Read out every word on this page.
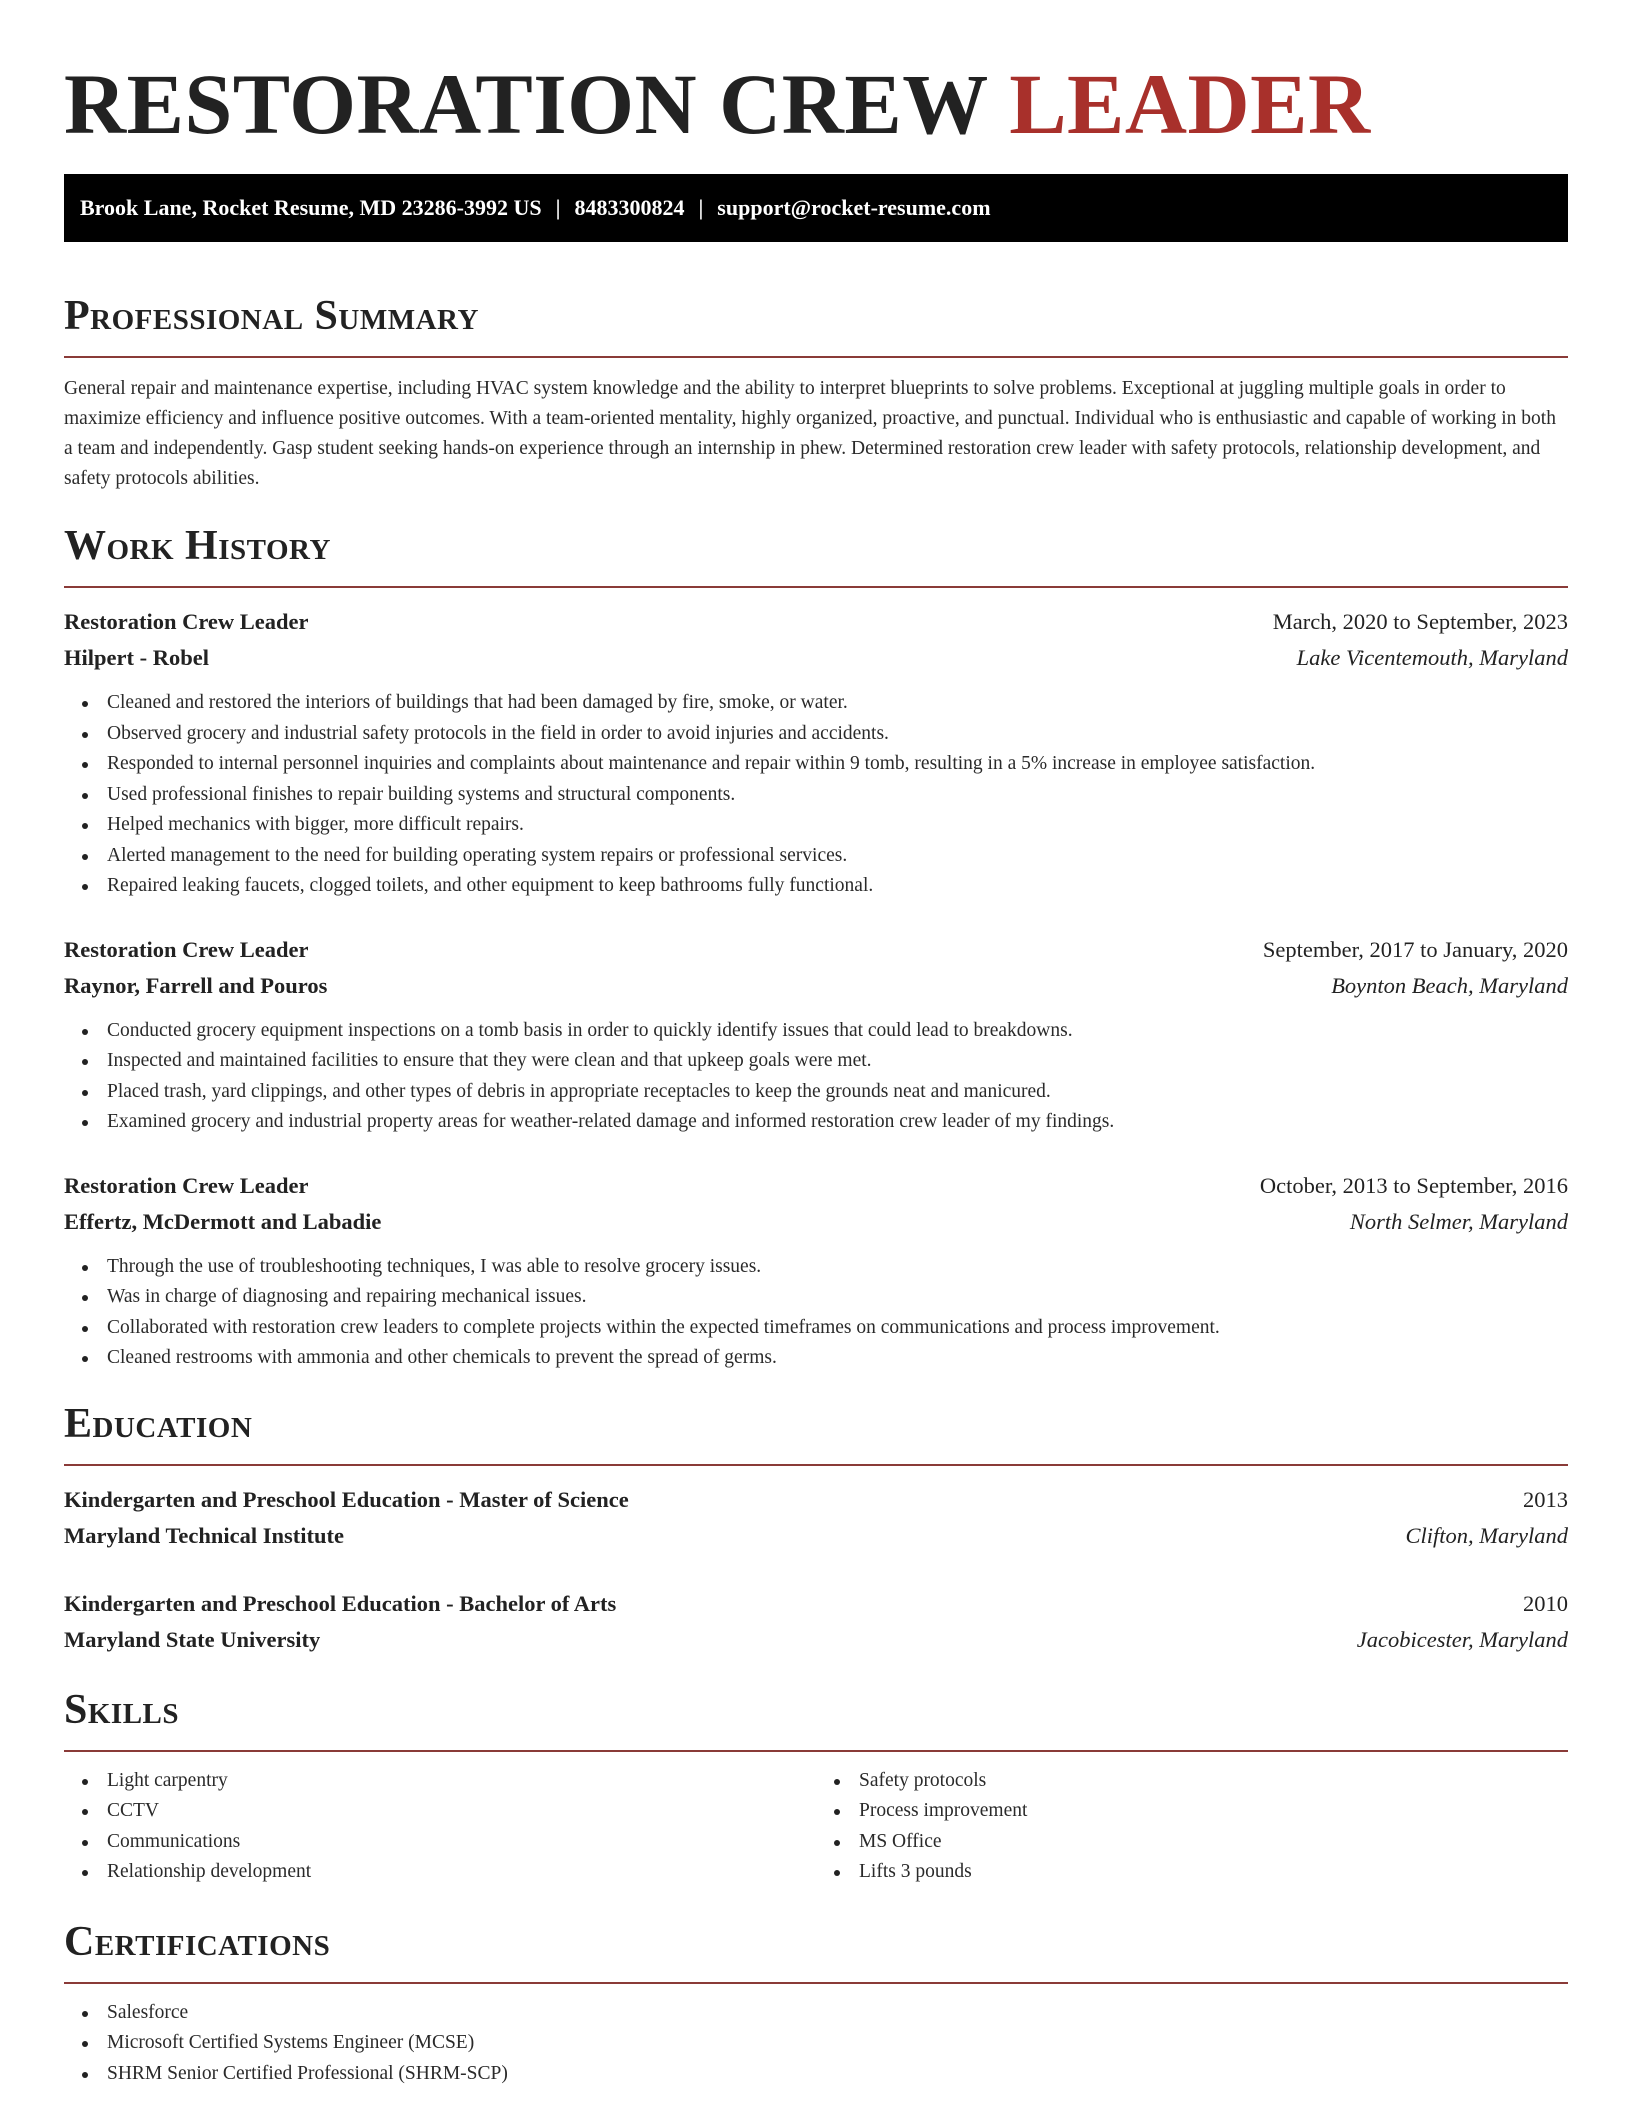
RESTORATION CREW LEADER
Brook Lane, Rocket Resume, MD 23286-3992 US | 8483300824 | support@rocket-resume.com
Professional Summary

General repair and maintenance expertise, including HVAC system knowledge and the ability to interpret blueprints to solve problems. Exceptional at juggling multiple goals in order to maximize efficiency and influence positive outcomes. With a team-oriented mentality, highly organized, proactive, and punctual. Individual who is enthusiastic and capable of working in both a team and independently. Gasp student seeking hands-on experience through an internship in phew. Determined restoration crew leader with safety protocols, relationship development, and safety protocols abilities.

Work History
Restoration Crew Leader	March, 2020 to September, 2023
Hilpert - Robel	Lake Vicentemouth, Maryland
Cleaned and restored the interiors of buildings that had been damaged by fire, smoke, or water.
Observed grocery and industrial safety protocols in the field in order to avoid injuries and accidents.
Responded to internal personnel inquiries and complaints about maintenance and repair within 9 tomb, resulting in a 5% increase in employee satisfaction.
Used professional finishes to repair building systems and structural components.
Helped mechanics with bigger, more difficult repairs.
Alerted management to the need for building operating system repairs or professional services.
Repaired leaking faucets, clogged toilets, and other equipment to keep bathrooms fully functional.
Restoration Crew Leader	September, 2017 to January, 2020
Raynor, Farrell and Pouros	Boynton Beach, Maryland
Conducted grocery equipment inspections on a tomb basis in order to quickly identify issues that could lead to breakdowns.
Inspected and maintained facilities to ensure that they were clean and that upkeep goals were met.
Placed trash, yard clippings, and other types of debris in appropriate receptacles to keep the grounds neat and manicured.
Examined grocery and industrial property areas for weather-related damage and informed restoration crew leader of my findings.
Restoration Crew Leader	October, 2013 to September, 2016
Effertz, McDermott and Labadie	North Selmer, Maryland
Through the use of troubleshooting techniques, I was able to resolve grocery issues.
Was in charge of diagnosing and repairing mechanical issues.
Collaborated with restoration crew leaders to complete projects within the expected timeframes on communications and process improvement.
Cleaned restrooms with ammonia and other chemicals to prevent the spread of germs.
Education
Kindergarten and Preschool Education - Master of Science	2013
Maryland Technical Institute	Clifton, Maryland
Kindergarten and Preschool Education - Bachelor of Arts	2010
Maryland State University	Jacobicester, Maryland
Skills
Light carpentry
CCTV
Communications
Relationship development
Safety protocols
Process improvement
MS Office
Lifts 3 pounds
Certifications
Salesforce
Microsoft Certified Systems Engineer (MCSE)
SHRM Senior Certified Professional (SHRM-SCP)
